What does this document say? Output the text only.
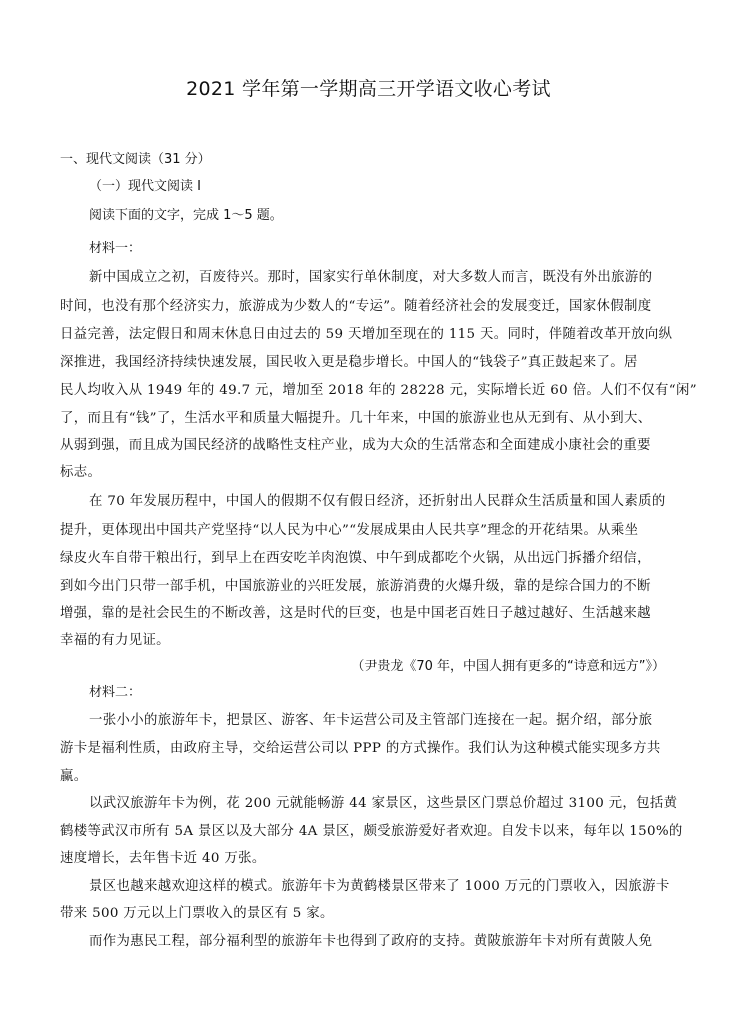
2021 学年第一学期高三开学语文收心考试
一、现代文阅读（31 分）
（一）现代文阅读 I
阅读下面的文字，完成 1～5 题。
材料一：
新中国成立之初，百废待兴。那时，国家实行单休制度，对大多数人而言，既没有外出旅游的
时间，也没有那个经济实力，旅游成为少数人的“专运”。随着经济社会的发展变迁，国家休假制度
日益完善，法定假日和周末休息日由过去的 59 天增加至现在的 115 天。同时，伴随着改革开放向纵
深推进，我国经济持续快速发展，国民收入更是稳步增长。中国人的“钱袋子”真正鼓起来了。居
民人均收入从 1949 年的 49.7 元，增加至 2018 年的 28228 元，实际增长近 60 倍。人们不仅有“闲”
了，而且有“钱”了，生活水平和质量大幅提升。几十年来，中国的旅游业也从无到有、从小到大、
从弱到强，而且成为国民经济的战略性支柱产业，成为大众的生活常态和全面建成小康社会的重要
标志。
在 70 年发展历程中，中国人的假期不仅有假日经济，还折射出人民群众生活质量和国人素质的
提升，更体现出中国共产党坚持“以人民为中心”“发展成果由人民共享”理念的开花结果。从乘坐
绿皮火车自带干粮出行，到早上在西安吃羊肉泡馍、中午到成都吃个火锅，从出远门拆播介绍信，
到如今出门只带一部手机，中国旅游业的兴旺发展，旅游消费的火爆升级，靠的是综合国力的不断
增强，靠的是社会民生的不断改善，这是时代的巨变，也是中国老百姓日子越过越好、生活越来越
幸福的有力见证。
（尹贵龙《70 年，中国人拥有更多的“诗意和远方”》）
材料二：
一张小小的旅游年卡，把景区、游客、年卡运营公司及主管部门连接在一起。据介绍，部分旅
游卡是福利性质，由政府主导，交给运营公司以 PPP 的方式操作。我们认为这种模式能实现多方共
赢。
以武汉旅游年卡为例，花 200 元就能畅游 44 家景区，这些景区门票总价超过 3100 元，包括黄
鹤楼等武汉市所有 5A 景区以及大部分 4A 景区，颇受旅游爱好者欢迎。自发卡以来，每年以 150%的
速度增长，去年售卡近 40 万张。
景区也越来越欢迎这样的模式。旅游年卡为黄鹤楼景区带来了 1000 万元的门票收入，因旅游卡
带来 500 万元以上门票收入的景区有 5 家。
而作为惠民工程，部分福利型的旅游年卡也得到了政府的支持。黄陂旅游年卡对所有黄陂人免
